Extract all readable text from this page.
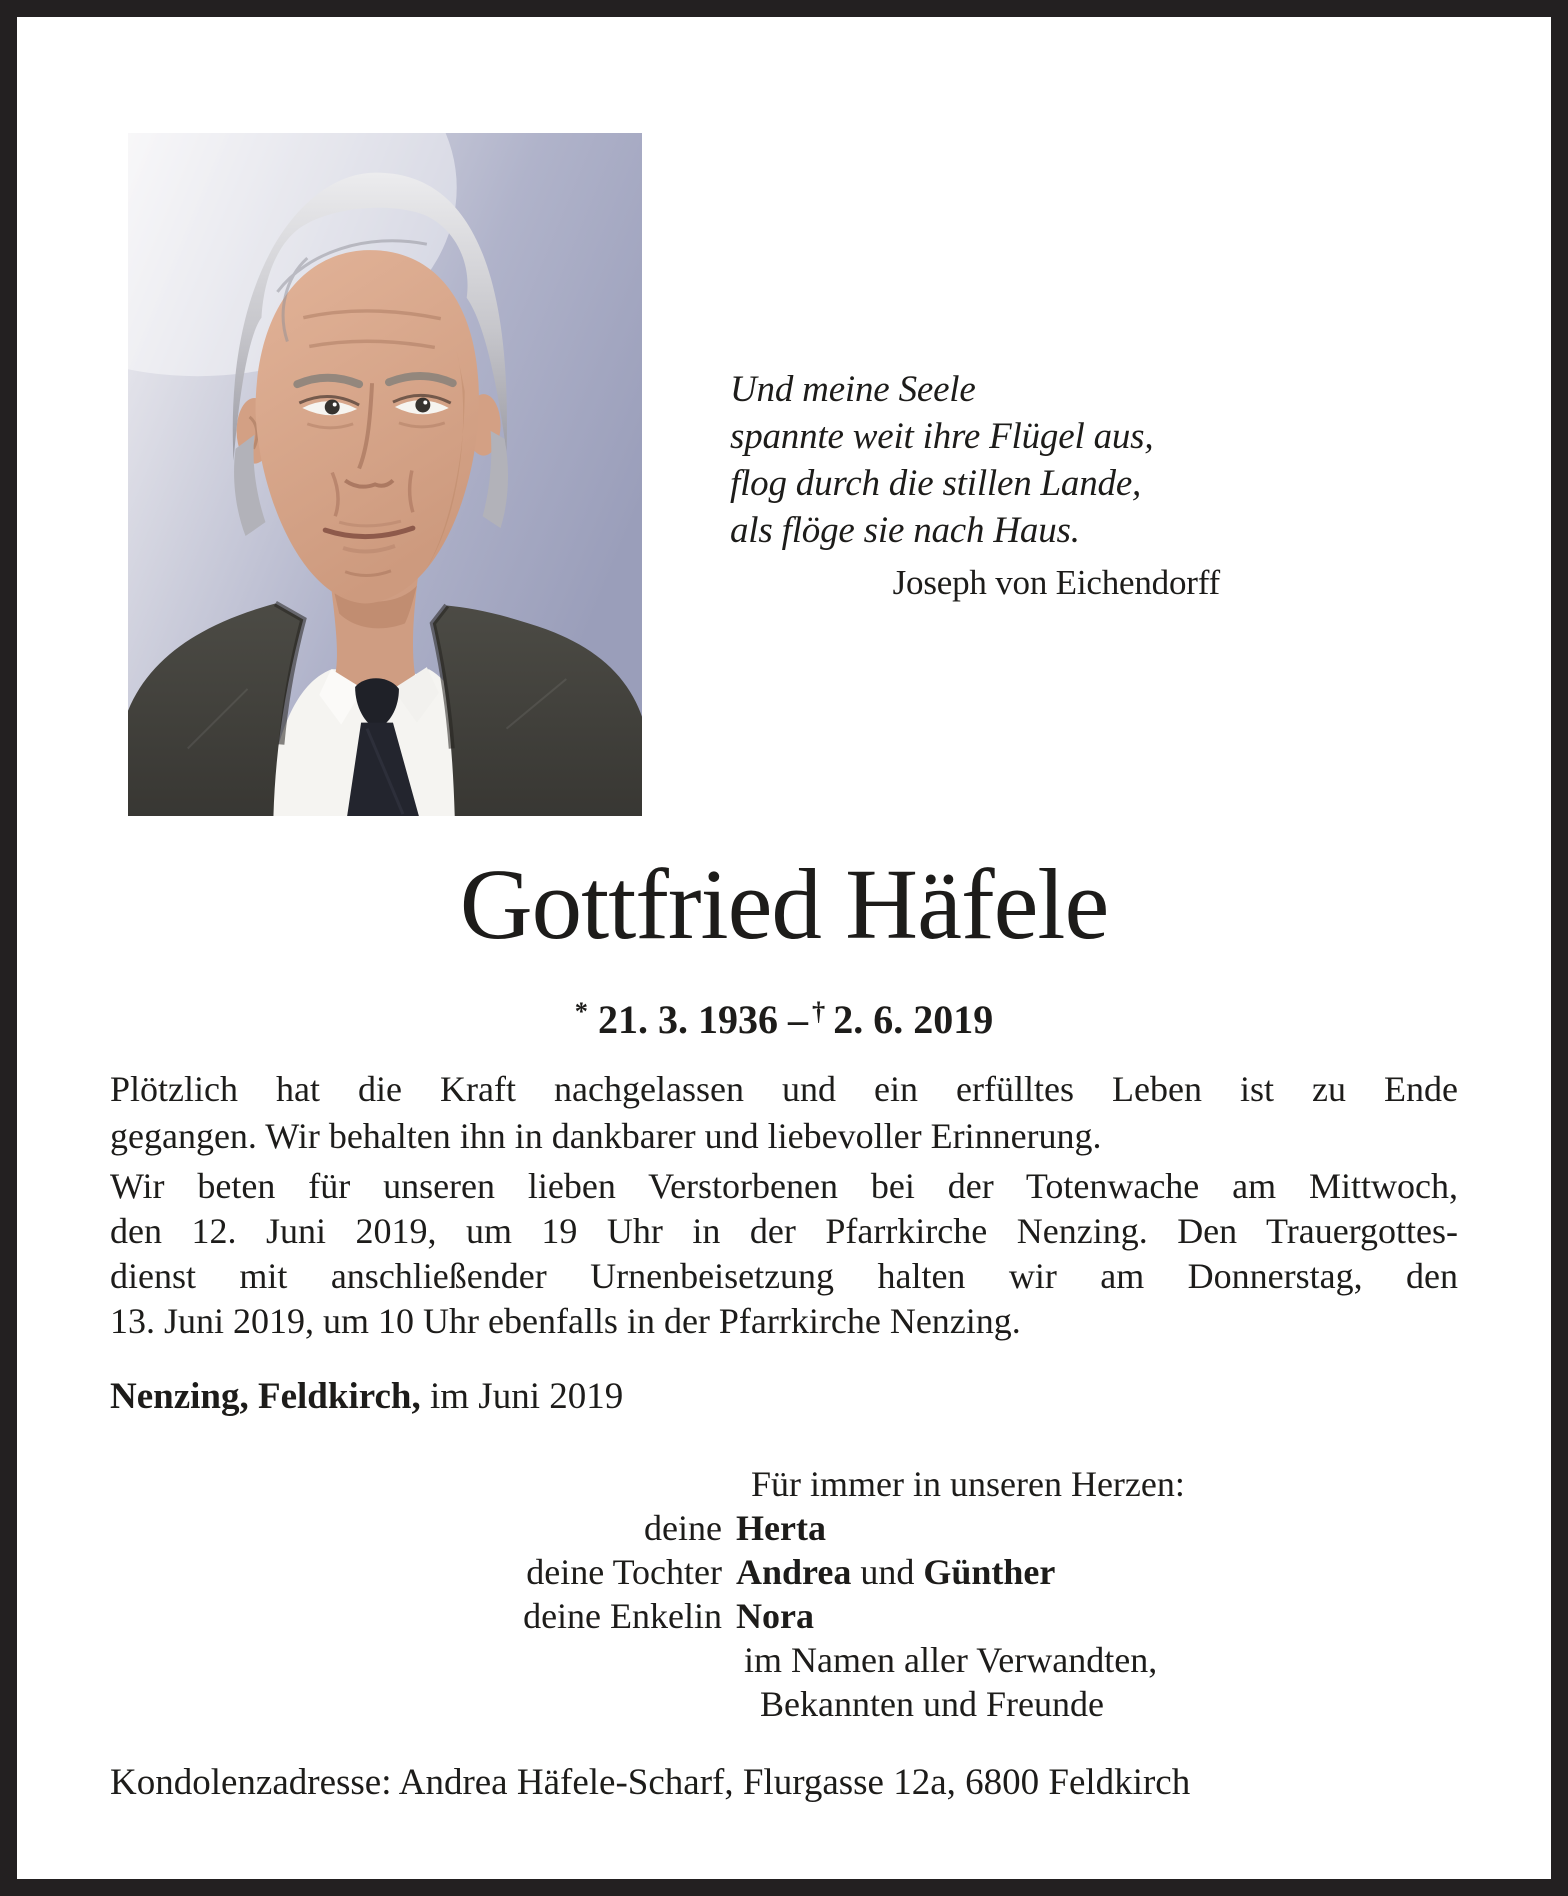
Und meine Seele
spannte weit ihre Flügel aus,
flog durch die stillen Lande,
als flöge sie nach Haus.
Joseph von Eichendorff
Gottfried Häfele
* 21. 3. 1936 – † 2. 6. 2019
Plötzlich hat die Kraft nachgelassen und ein erfülltes Leben ist zu Ende
gegangen. Wir behalten ihn in dankbarer und liebevoller Erinnerung.
Wir beten für unseren lieben Verstorbenen bei der Totenwache am Mittwoch,
den 12. Juni 2019, um 19 Uhr in der Pfarrkirche Nenzing. Den Trauergottes-
dienst mit anschließender Urnenbeisetzung halten wir am Donnerstag, den
13. Juni 2019, um 10 Uhr ebenfalls in der Pfarrkirche Nenzing.
Nenzing, Feldkirch, im Juni 2019
Für immer in unseren Herzen:
deine Herta
deine Tochter Andrea und Günther
deine Enkelin Nora
im Namen aller Verwandten,
Bekannten und Freunde
Kondolenzadresse: Andrea Häfele-Scharf, Flurgasse 12a, 6800 Feldkirch
